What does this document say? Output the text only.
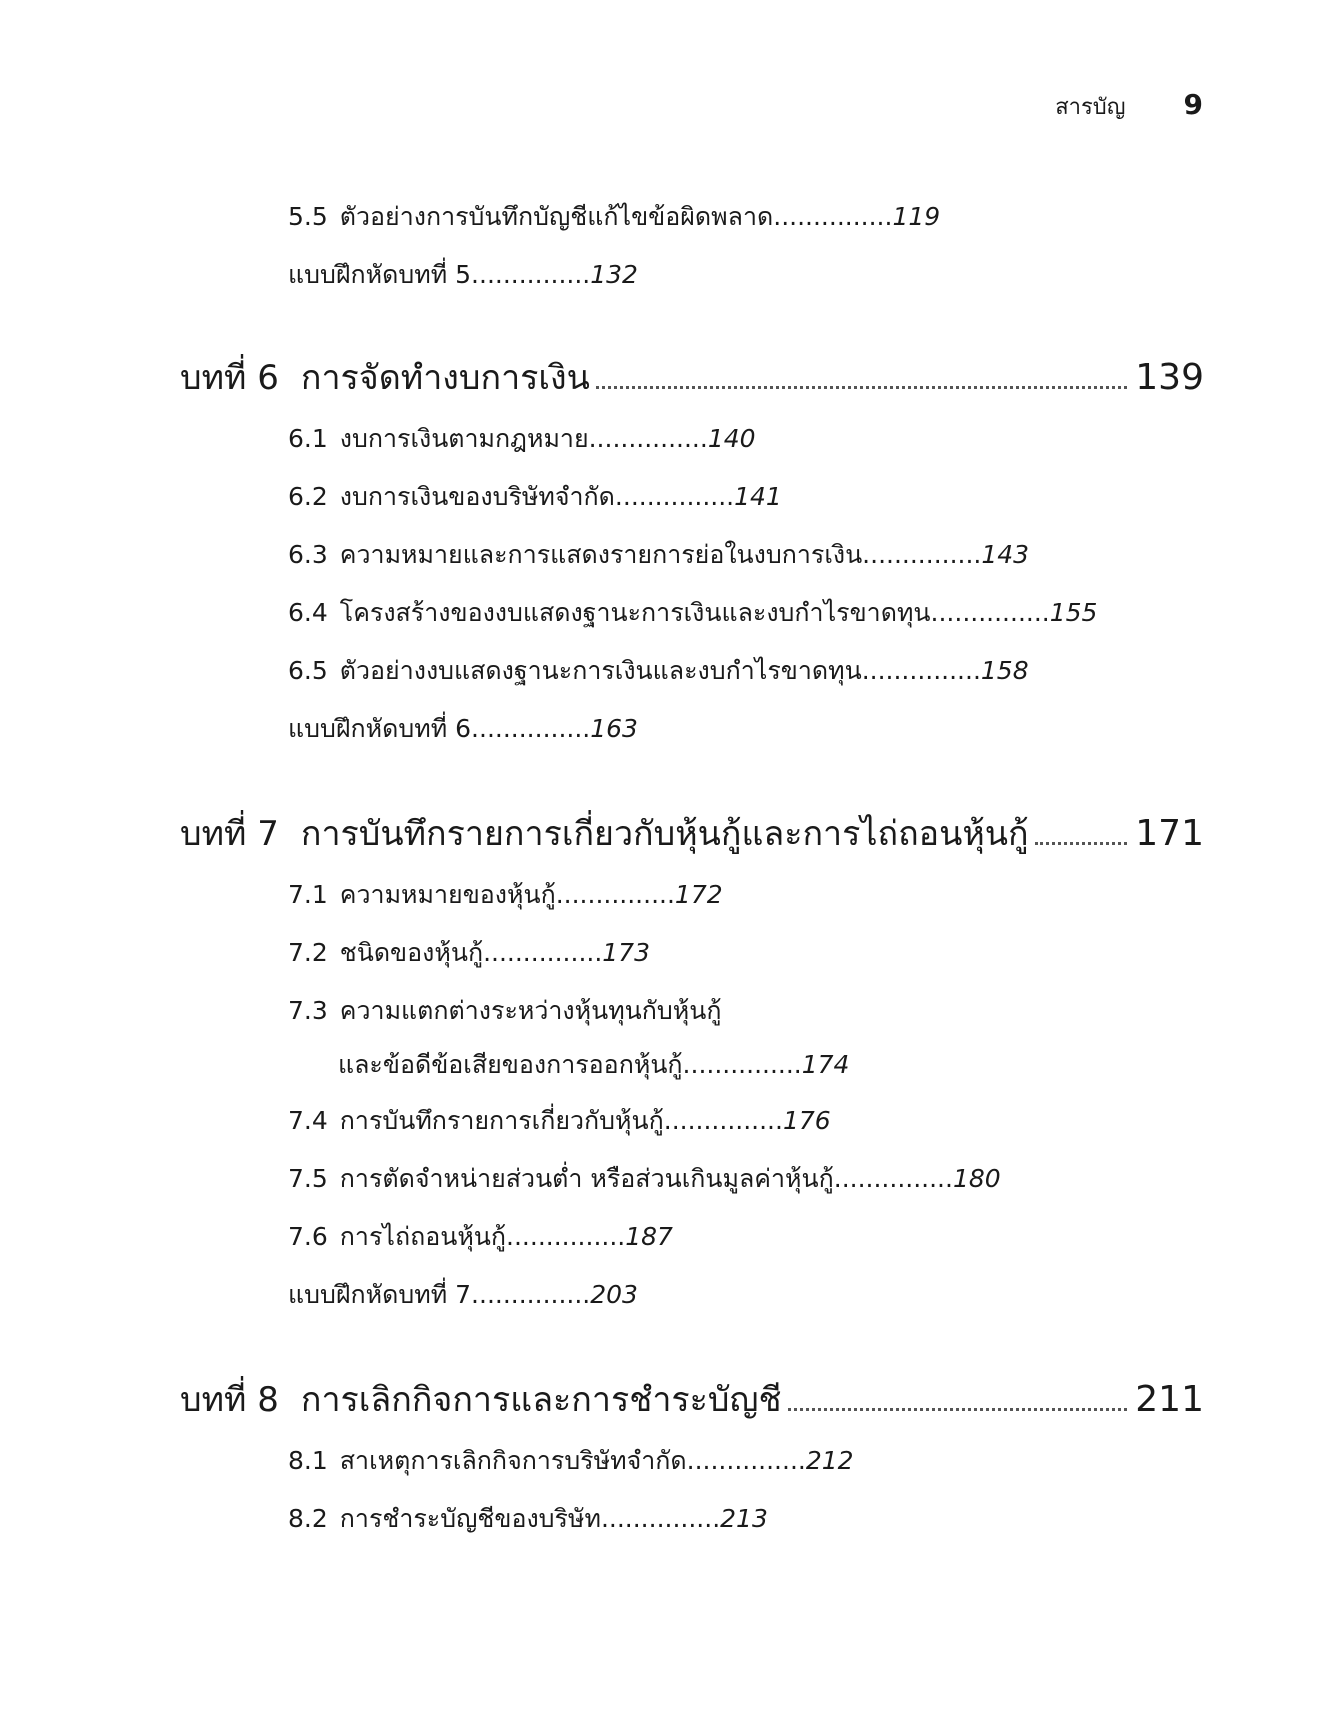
สารบัญ 9
5.5 ตัวอย่างการบันทึกบัญชีแก้ไขข้อผิดพลาด...............119
แบบฝึกหัดบทที่ 5...............132
บทที่ 6 การจัดทำงบการเงิน	139
6.1 งบการเงินตามกฎหมาย...............140
6.2 งบการเงินของบริษัทจำกัด...............141
6.3 ความหมายและการแสดงรายการย่อในงบการเงิน...............143
6.4 โครงสร้างของงบแสดงฐานะการเงินและงบกำไรขาดทุน...............155
6.5 ตัวอย่างงบแสดงฐานะการเงินและงบกำไรขาดทุน...............158
แบบฝึกหัดบทที่ 6...............163
บทที่ 7 การบันทึกรายการเกี่ยวกับหุ้นกู้และการไถ่ถอนหุ้นกู้	171
7.1 ความหมายของหุ้นกู้...............172
7.2 ชนิดของหุ้นกู้...............173
7.3 ความแตกต่างระหว่างหุ้นทุนกับหุ้นกู้
และข้อดีข้อเสียของการออกหุ้นกู้...............174
7.4 การบันทึกรายการเกี่ยวกับหุ้นกู้...............176
7.5 การตัดจำหน่ายส่วนต่ำ หรือส่วนเกินมูลค่าหุ้นกู้...............180
7.6 การไถ่ถอนหุ้นกู้...............187
แบบฝึกหัดบทที่ 7...............203
บทที่ 8 การเลิกกิจการและการชำระบัญชี	211
8.1 สาเหตุการเลิกกิจการบริษัทจำกัด...............212
8.2 การชำระบัญชีของบริษัท...............213
